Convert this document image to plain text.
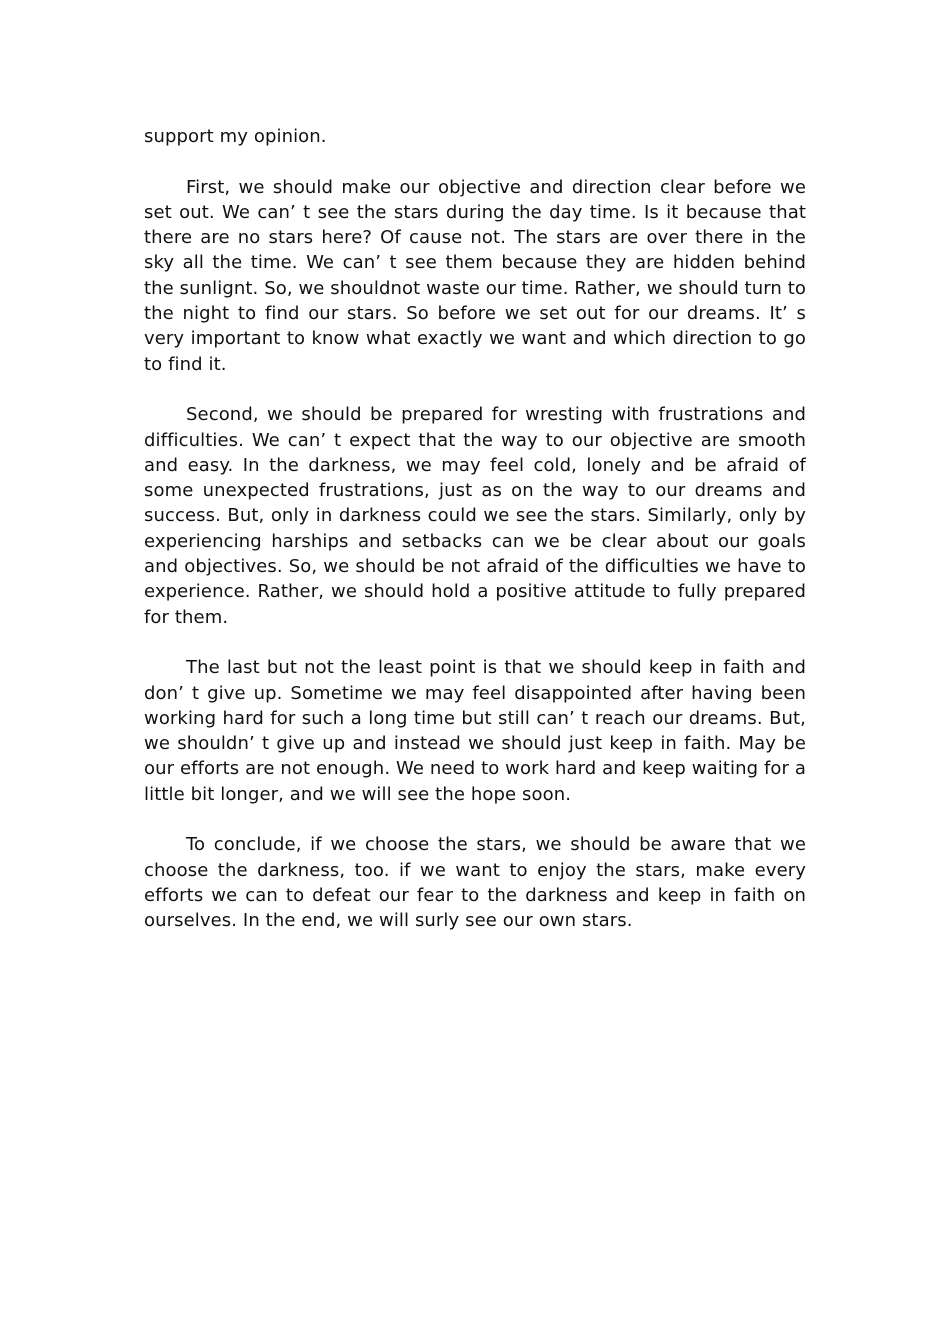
support my opinion.

First, we should make our objective and direction clear before we set out. We can’ t see the stars during the day time. Is it because that there are no stars here? Of cause not. The stars are over there in the sky all the time. We can’ t see them because they are hidden behind the sunlignt. So, we shouldnot waste our time. Rather, we should turn to the night to find our stars. So before we set out for our dreams. It’ s very important to know what exactly we want and which direction to go to find it.

Second, we should be prepared for wresting with frustrations and difficulties. We can’ t expect that the way to our objective are smooth and easy. In the darkness, we may feel cold, lonely and be afraid of some unexpected frustrations, just as on the way to our dreams and success. But, only in darkness could we see the stars. Similarly, only by experiencing harships and setbacks can we be clear about our goals and objectives. So, we should be not afraid of the difficulties we have to experience. Rather, we should hold a positive attitude to fully prepared for them.

The last but not the least point is that we should keep in faith and don’ t give up. Sometime we may feel disappointed after having been working hard for such a long time but still can’ t reach our dreams. But, we shouldn’ t give up and instead we should just keep in faith. May be our efforts are not enough. We need to work hard and keep waiting for a little bit longer, and we will see the hope soon.

To conclude, if we choose the stars, we should be aware that we choose the darkness, too. if we want to enjoy the stars, make every efforts we can to defeat our fear to the darkness and keep in faith on ourselves. In the end, we will surly see our own stars.
